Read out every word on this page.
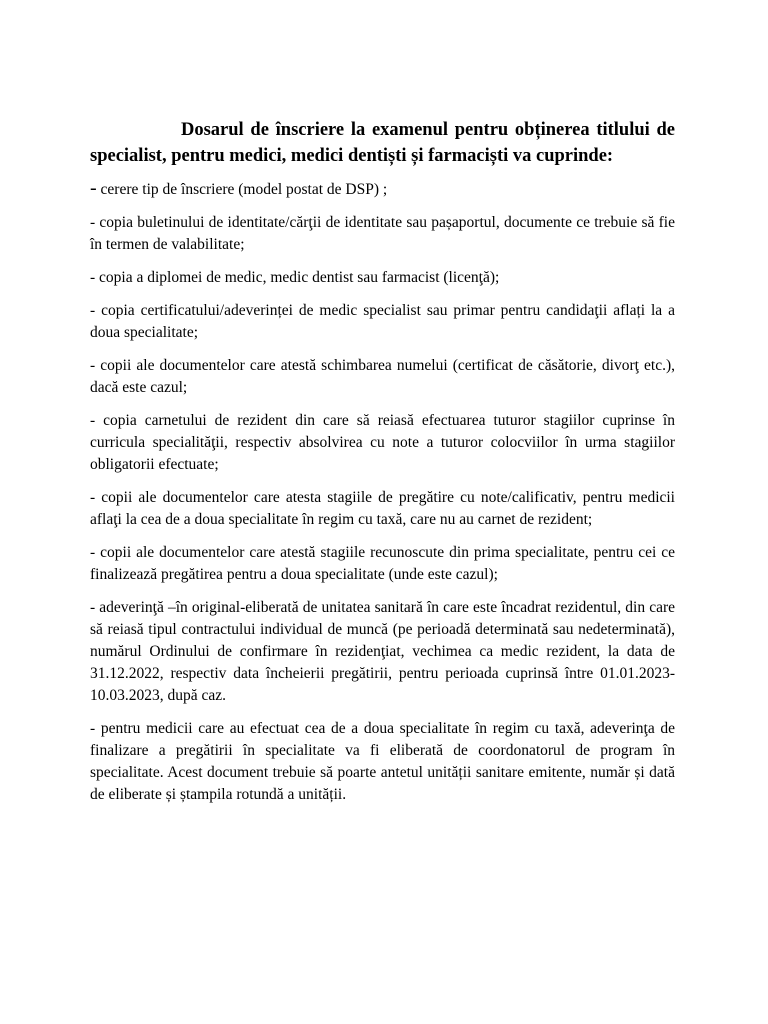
Dosarul de înscriere la examenul pentru obținerea titlului de specialist, pentru medici, medici dentiști și farmaciști va cuprinde:

- cerere tip de înscriere (model postat de DSP) ;
- copia buletinului de identitate/cărţii de identitate sau pașaportul, documente ce trebuie să fie în termen de valabilitate;
- copia a diplomei de medic, medic dentist sau farmacist (licenţă);
- copia certificatului/adeverinței de medic specialist sau primar pentru candidaţii aflați la a doua specialitate;
- copii ale documentelor care atestă schimbarea numelui (certificat de căsătorie, divorţ etc.), dacă este cazul;
- copia carnetului de rezident din care să reiasă efectuarea tuturor stagiilor cuprinse în curricula specialităţii, respectiv absolvirea cu note a tuturor colocviilor în urma stagiilor obligatorii efectuate;
- copii ale documentelor care atesta stagiile de pregătire cu note/calificativ, pentru medicii aflaţi la cea de a doua specialitate în regim cu taxă, care nu au carnet de rezident;
- copii ale documentelor care atestă stagiile recunoscute din prima specialitate, pentru cei ce finalizează pregătirea pentru a doua specialitate (unde este cazul);
- adeverinţă –în original-eliberată de unitatea sanitară în care este încadrat rezidentul, din care să reiasă tipul contractului individual de muncă (pe perioadă determinată sau nedeterminată), numărul Ordinului de confirmare în rezidenţiat, vechimea ca medic rezident, la data de 31.12.2022, respectiv data încheierii pregătirii, pentru perioada cuprinsă între 01.01.2023-10.03.2023, după caz.
- pentru medicii care au efectuat cea de a doua specialitate în regim cu taxă, adeverinţa de finalizare a pregătirii în specialitate va fi eliberată de coordonatorul de program în specialitate. Acest document trebuie să poarte antetul unității sanitare emitente, număr și dată de eliberate și ștampila rotundă a unității.
